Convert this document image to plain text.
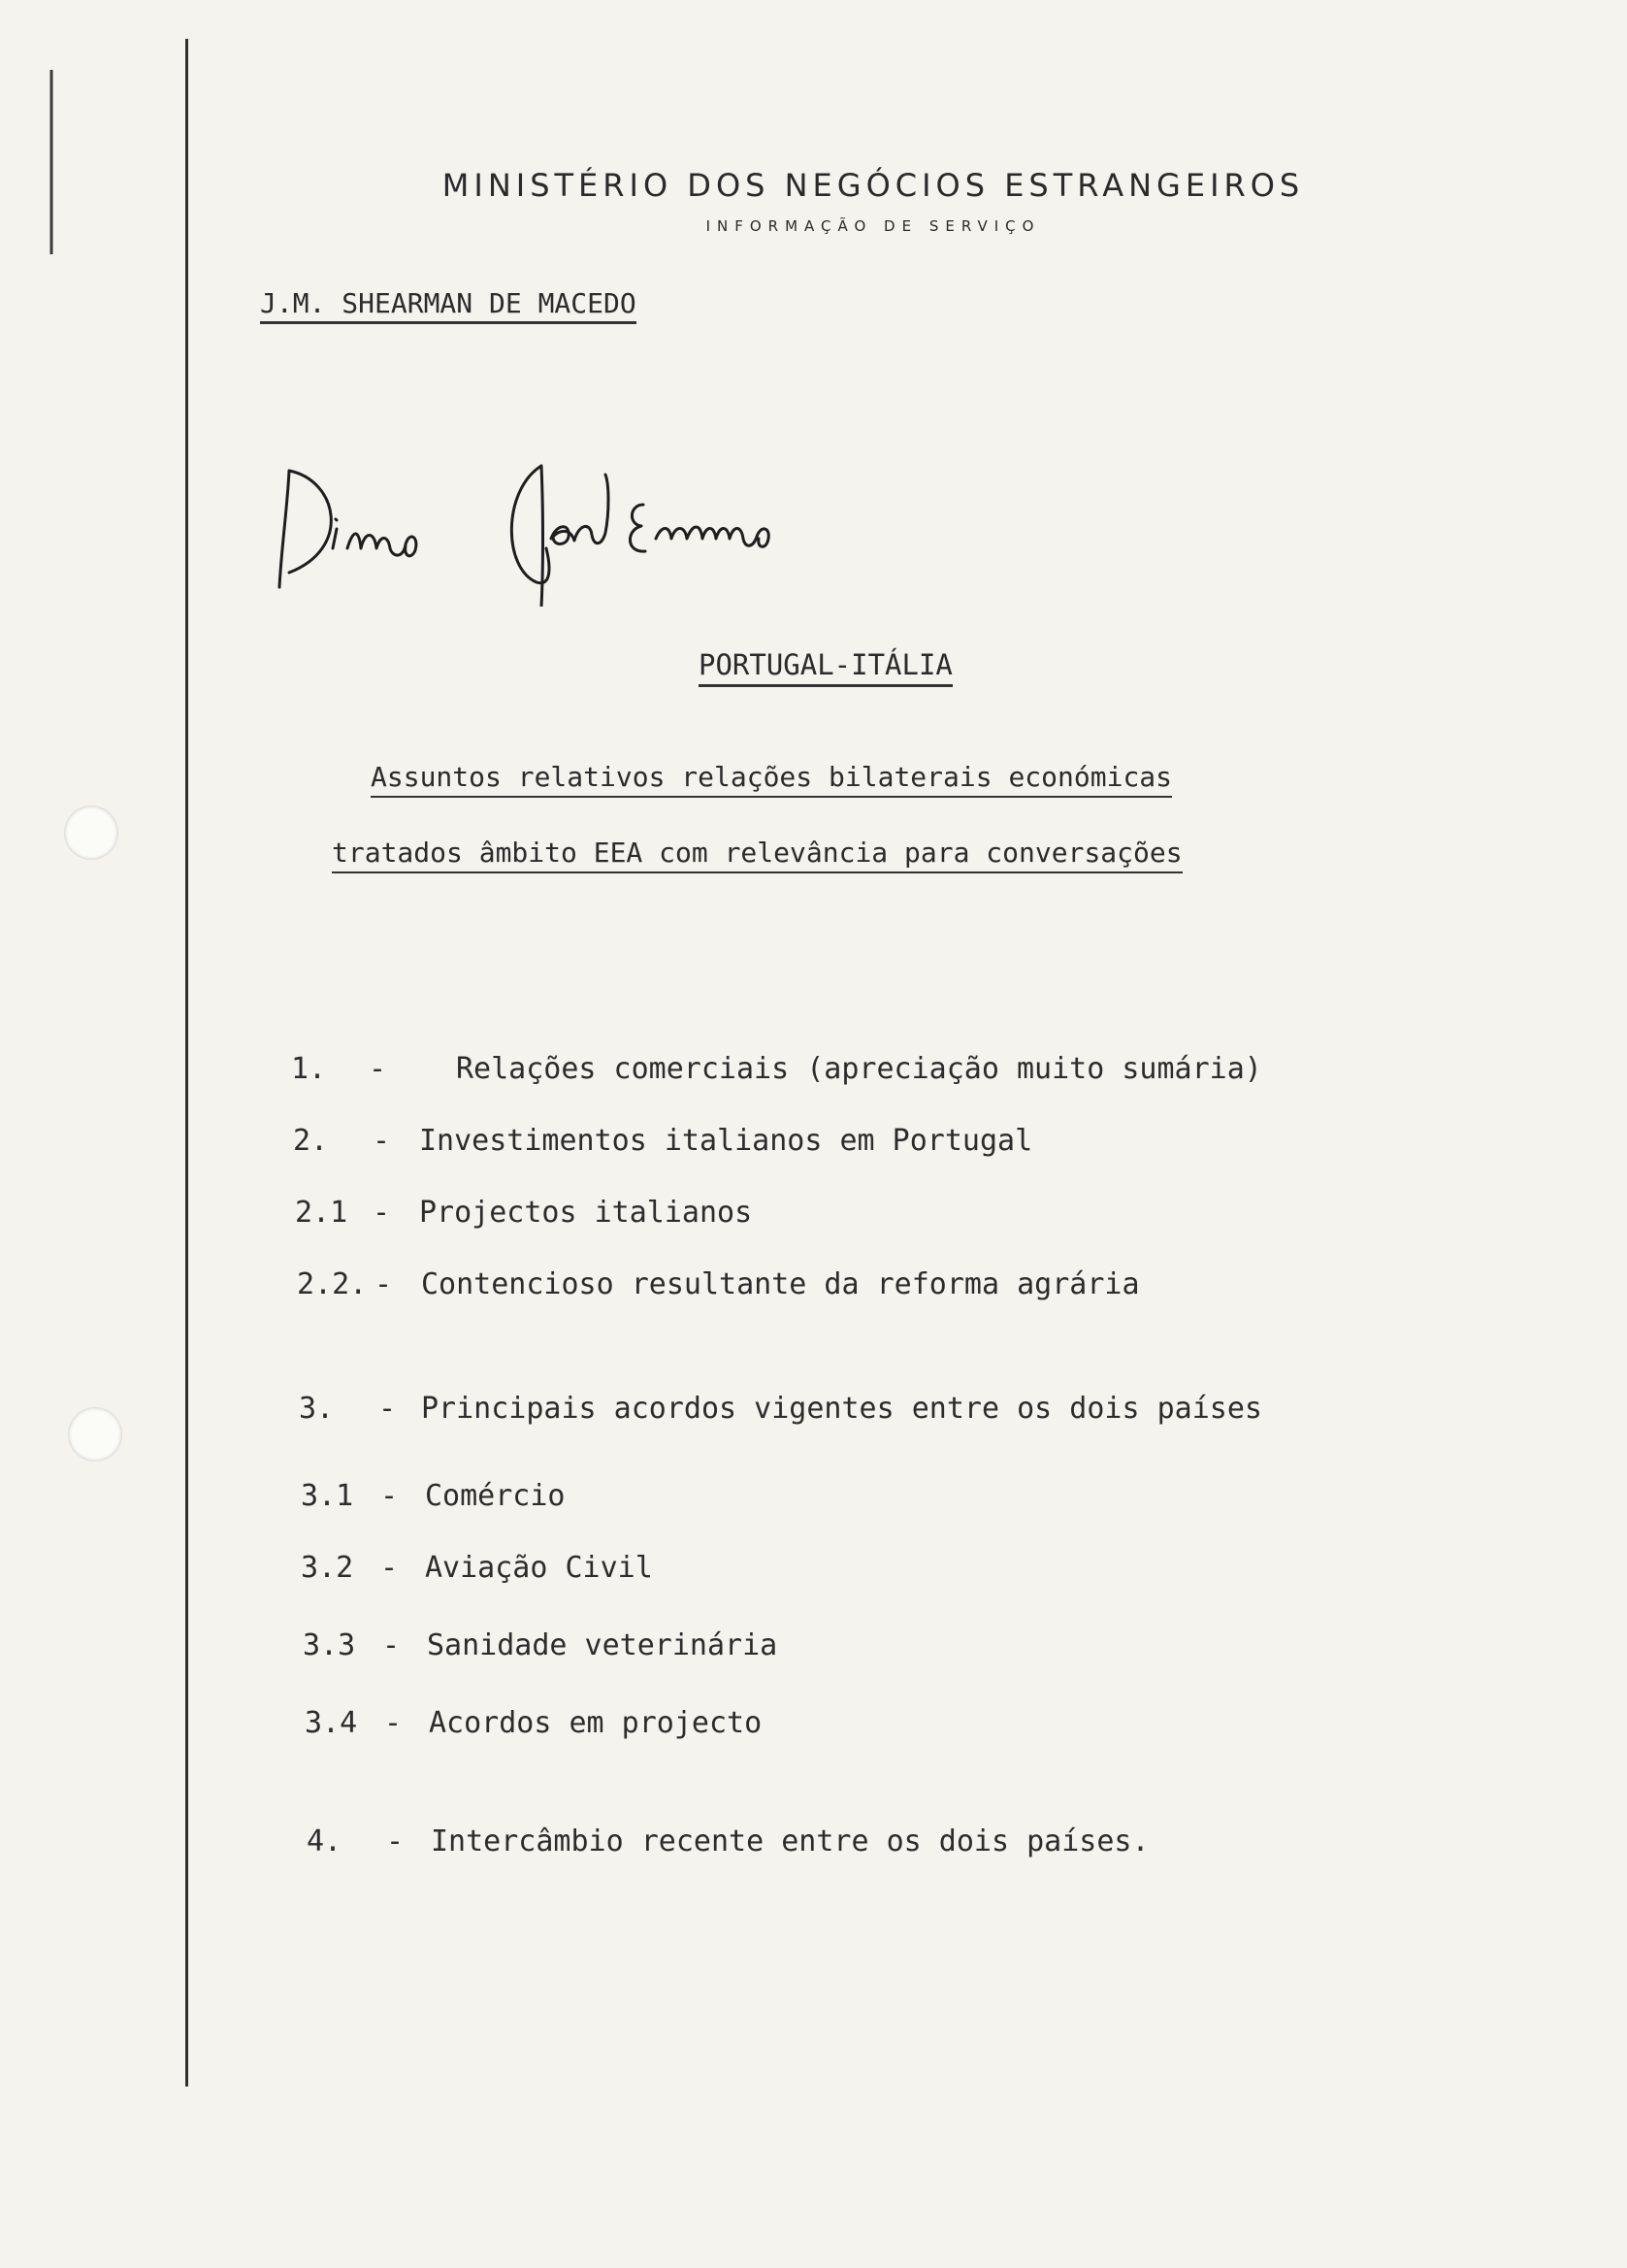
MINISTÉRIO DOS NEGÓCIOS ESTRANGEIROS
INFORMAÇÃO DE SERVIÇO
J.M. SHEARMAN DE MACEDO
PORTUGAL-ITÁLIA
Assuntos relativos relações bilaterais económicas
tratados âmbito EEA com relevância para conversações
1. - Relações comerciais (apreciação muito sumária)
2. - Investimentos italianos em Portugal
2.1 - Projectos italianos
2.2. - Contencioso resultante da reforma agrária
3. - Principais acordos vigentes entre os dois países
3.1 - Comércio
3.2 - Aviação Civil
3.3 - Sanidade veterinária
3.4 - Acordos em projecto
4. - Intercâmbio recente entre os dois países.
